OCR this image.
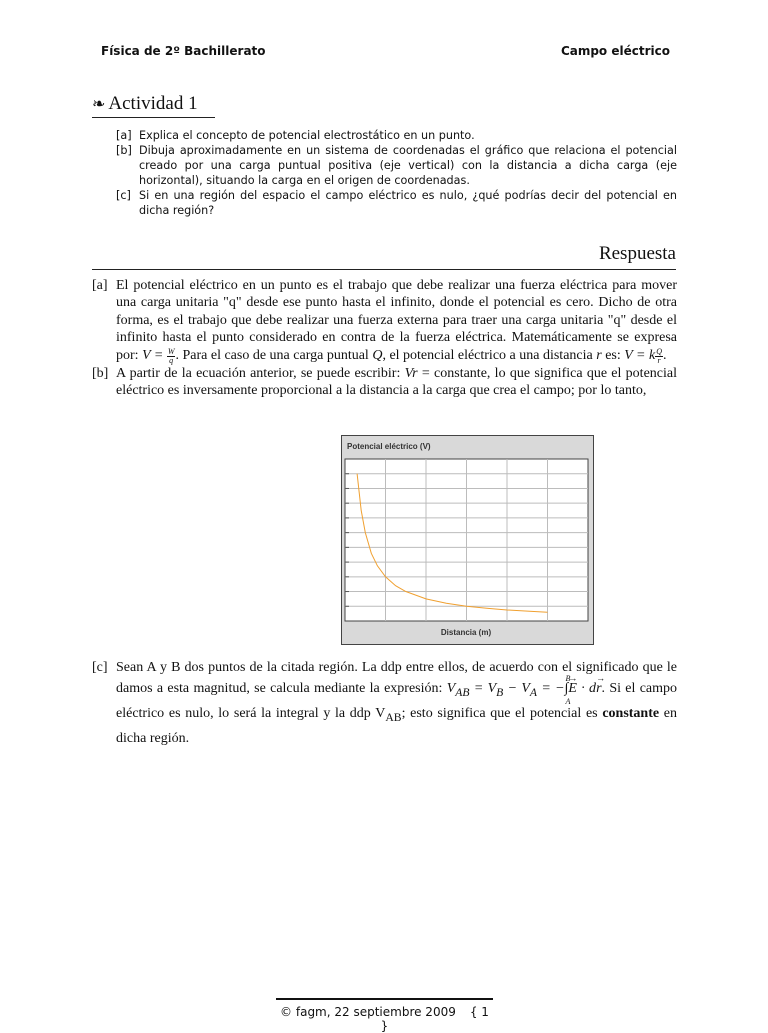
Física de 2º Bachillerato	Campo eléctrico
❧ Actividad 1
[a] Explica el concepto de potencial electrostático en un punto.
[b] Dibuja aproximadamente en un sistema de coordenadas el gráfico que relaciona el potencial creado por una carga puntual positiva (eje vertical) con la distancia a dicha carga (eje horizontal), situando la carga en el origen de coordenadas.
[c] Si en una región del espacio el campo eléctrico es nulo, ¿qué podrías decir del potencial en dicha región?
Respuesta
[a] El potencial eléctrico en un punto es el trabajo que debe realizar una fuerza eléctrica para mover una carga unitaria "q" desde ese punto hasta el infinito, donde el potencial es cero. Dicho de otra forma, es el trabajo que debe realizar una fuerza externa para traer una carga unitaria "q" desde el infinito hasta el punto considerado en contra de la fuerza eléctrica. Matemáticamente se expresa por: $V = \frac{W}{q}$ . Para el caso de una carga puntual Q, el potencial eléctrico a una distancia r es: V = k $\frac{Q}{r}$ .
[b] A partir de la ecuación anterior, se puede escribir: Vr = constante, lo que significa que el potencial eléctrico es inversamente proporcional a la distancia a la carga que crea el campo; por lo tanto,
Potencial eléctrico (V)
Distancia (m)
[c] Sean A y B dos puntos de la citada región. La ddp entre ellos, de acuerdo con el significado que le damos a esta magnitud, se calcula mediante la expresión: $V_{AB} = V_B - V_A$ = −
B
∫
A
→ E · d→ r. Si el campo eléctrico es nulo, lo será la integral y la ddp $V_{AB}$; esto significa que el potencial es constante en dicha región.
© fagm, 22 septiembre 2009 { 1 }
